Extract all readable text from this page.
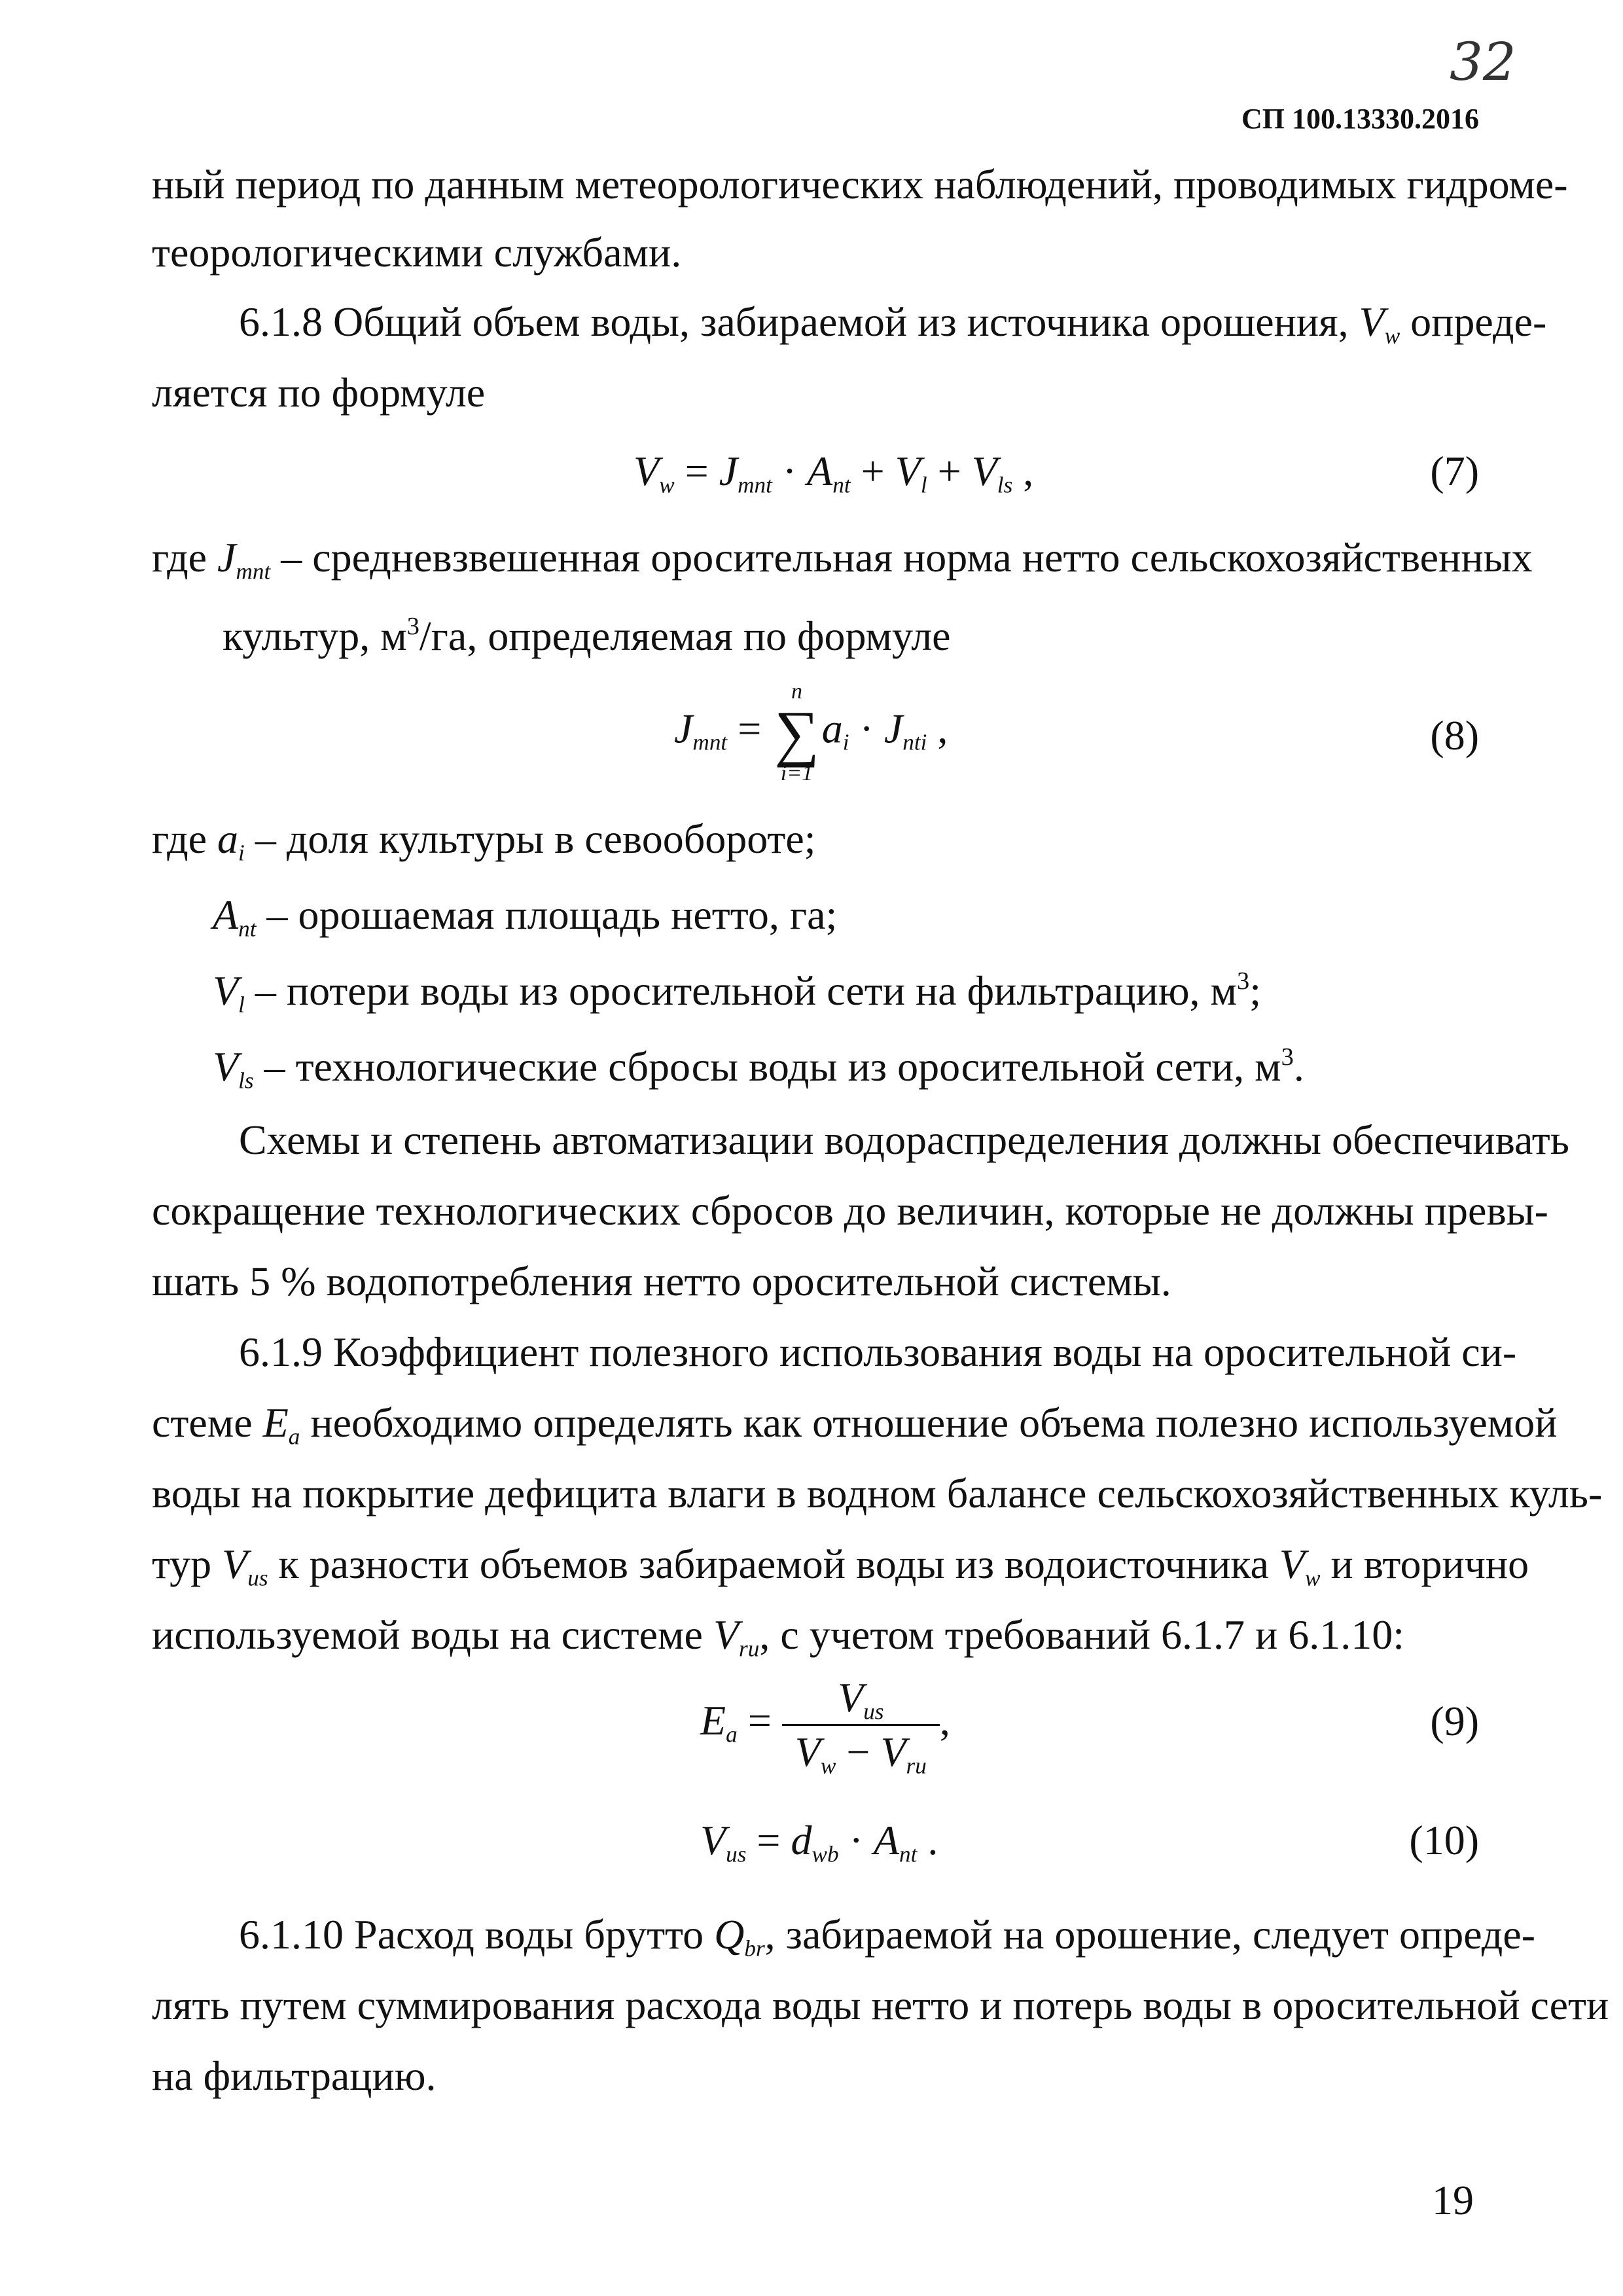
32
СП 100.13330.2016
ный период по данным метеорологических наблюдений, проводимых гидроме-
теорологическими службами.
6.1.8 Общий объем воды, забираемой из источника орошения, $V_w$ опреде-
ляется по формуле
$V_w = J_{mnt} \cdot A_{nt} + V_l + V_{ls}$ ,	(7)
где $J_{mnt}$ – средневзвешенная оросительная норма нетто сельскохозяйственных
культур, $м^3/га$, определяемая по формуле
$J_{mnt}$ =
n
∑
i=1
$a_i \cdot J_{nti}$ ,	(8)
где $a_i$ – доля культуры в севообороте;
$A_{nt}$ – орошаемая площадь нетто, га;
$V_l$ – потери воды из оросительной сети на фильтрацию, $м^3$;
$V_{ls}$ – технологические сбросы воды из оросительной сети, $м^3$.
Схемы и степень автоматизации водораспределения должны обеспечивать
сокращение технологических сбросов до величин, которые не должны превы-
шать 5 % водопотребления нетто оросительной системы.
6.1.9 Коэффициент полезного использования воды на оросительной си-
стеме $E_a$ необходимо определять как отношение объема полезно используемой
воды на покрытие дефицита влаги в водном балансе сельскохозяйственных куль-
тур $V_{us}$ к разности объемов забираемой воды из водоисточника $V_w$ и вторично
используемой воды на системе $V_{ru}$, с учетом требований 6.1.7 и 6.1.10:
$E_a = \frac{V_{us}}{V_w - V_{ru}}$ ,	(9)
$V_{us} = d_{wb} \cdot A_{nt}$ .	(10)
6.1.10 Расход воды брутто $Q_{br}$, забираемой на орошение, следует опреде-
лять путем суммирования расхода воды нетто и потерь воды в оросительной сети
на фильтрацию.
19
